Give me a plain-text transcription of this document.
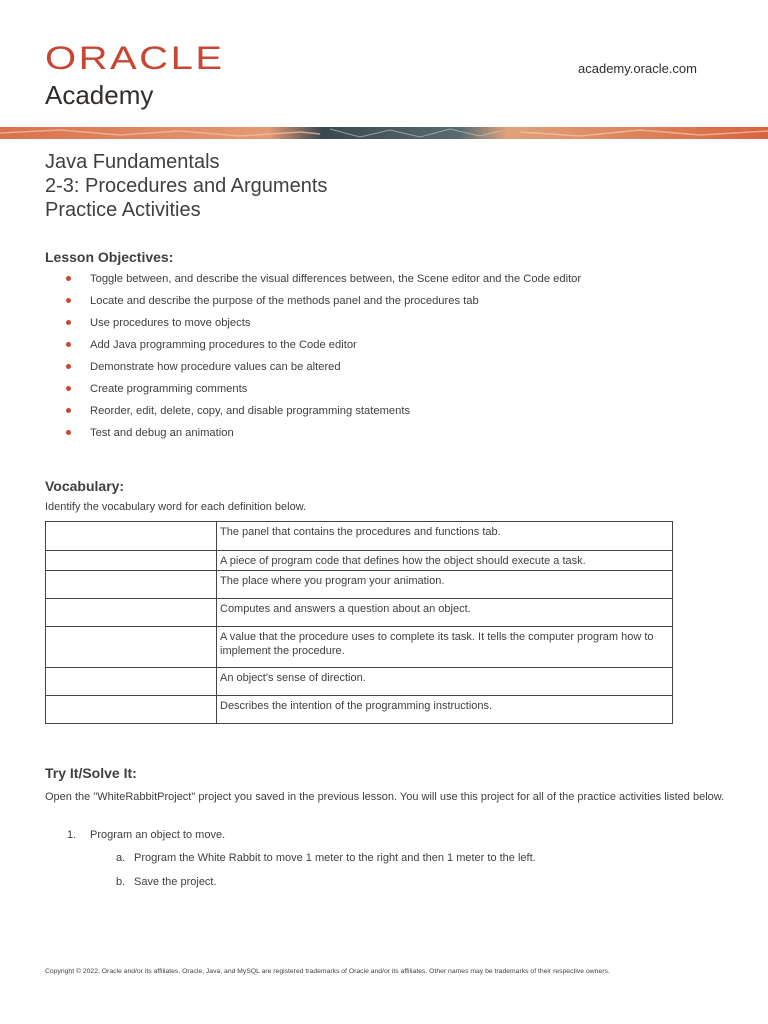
ORACLE
Academy
academy.oracle.com
Java Fundamentals
2-3: Procedures and Arguments
Practice Activities
Lesson Objectives:
Toggle between, and describe the visual differences between, the Scene editor and the Code editor
Locate and describe the purpose of the methods panel and the procedures tab
Use procedures to move objects
Add Java programming procedures to the Code editor
Demonstrate how procedure values can be altered
Create programming comments
Reorder, edit, delete, copy, and disable programming statements
Test and debug an animation
Vocabulary:
Identify the vocabulary word for each definition below.
	The panel that contains the procedures and functions tab.
	A piece of program code that defines how the object should execute a task.
	The place where you program your animation.
	Computes and answers a question about an object.
	A value that the procedure uses to complete its task. It tells the computer program how to implement the procedure.
	An object's sense of direction.
	Describes the intention of the programming instructions.
Try It/Solve It:
Open the "WhiteRabbitProject" project you saved in the previous lesson. You will use this project for all of the practice activities listed below.
1. Program an object to move.
a. Program the White Rabbit to move 1 meter to the right and then 1 meter to the left.
b. Save the project.
Copyright © 2022, Oracle and/or its affiliates. Oracle, Java, and MySQL are registered trademarks of Oracle and/or its affiliates. Other names may be trademarks of their respective owners.
